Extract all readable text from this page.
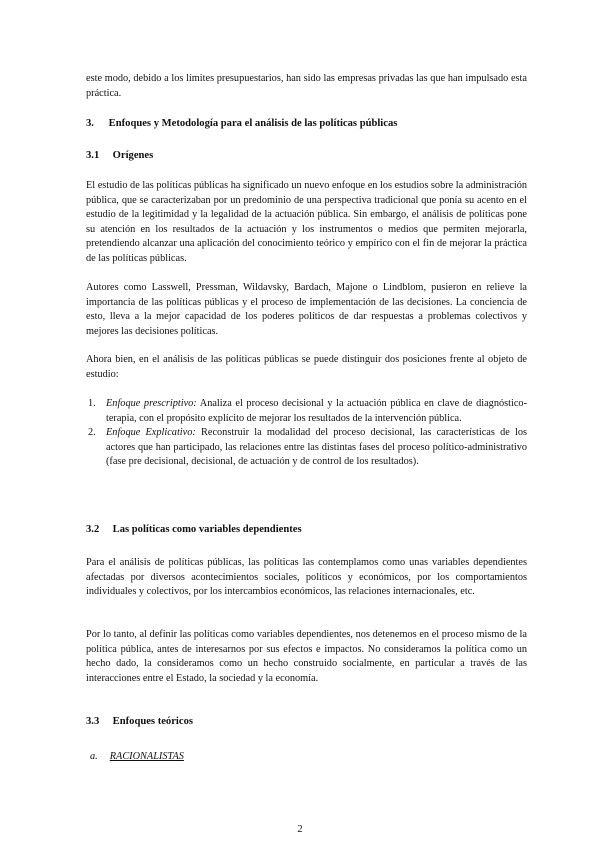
este modo, debido a los límites presupuestarios, han sido las empresas privadas las que han impulsado esta práctica.

3. Enfoques y Metodología para el análisis de las políticas públicas
3.1 Orígenes

El estudio de las políticas públicas ha significado un nuevo enfoque en los estudios sobre la administración pública, que se caracterizaban por un predominio de una perspectiva tradicional que ponía su acento en el estudio de la legitimidad y la legalidad de la actuación pública. Sin embargo, el análisis de políticas pone su atención en los resultados de la actuación y los instrumentos o medios que permiten mejorarla, pretendiendo alcanzar una aplicación del conocimiento teórico y empírico con el fin de mejorar la práctica de las políticas públicas.

Autores como Lasswell, Pressman, Wildavsky, Bardach, Majone o Lindblom, pusieron en relieve la importancia de las políticas públicas y el proceso de implementación de las decisiones. La conciencia de esto, lleva a la mejor capacidad de los poderes políticos de dar respuestas a problemas colectivos y mejores las decisiones políticas.

Ahora bien, en el análisis de las políticas públicas se puede distinguir dos posiciones frente al objeto de estudio:

1. Enfoque prescriptivo: Analiza el proceso decisional y la actuación pública en clave de diagnóstico-terapia, con el propósito explícito de mejorar los resultados de la intervención pública.
2. Enfoque Explicativo: Reconstruir la modalidad del proceso decisional, las características de los actores que han participado, las relaciones entre las distintas fases del proceso político-administrativo (fase pre decisional, decisional, de actuación y de control de los resultados).
3.2 Las políticas como variables dependientes

Para el análisis de políticas públicas, las políticas las contemplamos como unas variables dependientes afectadas por diversos acontecimientos sociales, políticos y económicos, por los comportamientos individuales y colectivos, por los intercambios económicos, las relaciones internacionales, etc.

Por lo tanto, al definir las políticas como variables dependientes, nos detenemos en el proceso mismo de la política pública, antes de interesarnos por sus efectos e impactos. No consideramos la política como un hecho dado, la consideramos como un hecho construido socialmente, en particular a través de las interacciones entre el Estado, la sociedad y la economía.

3.3 Enfoques teóricos
a. RACIONALISTAS
2
